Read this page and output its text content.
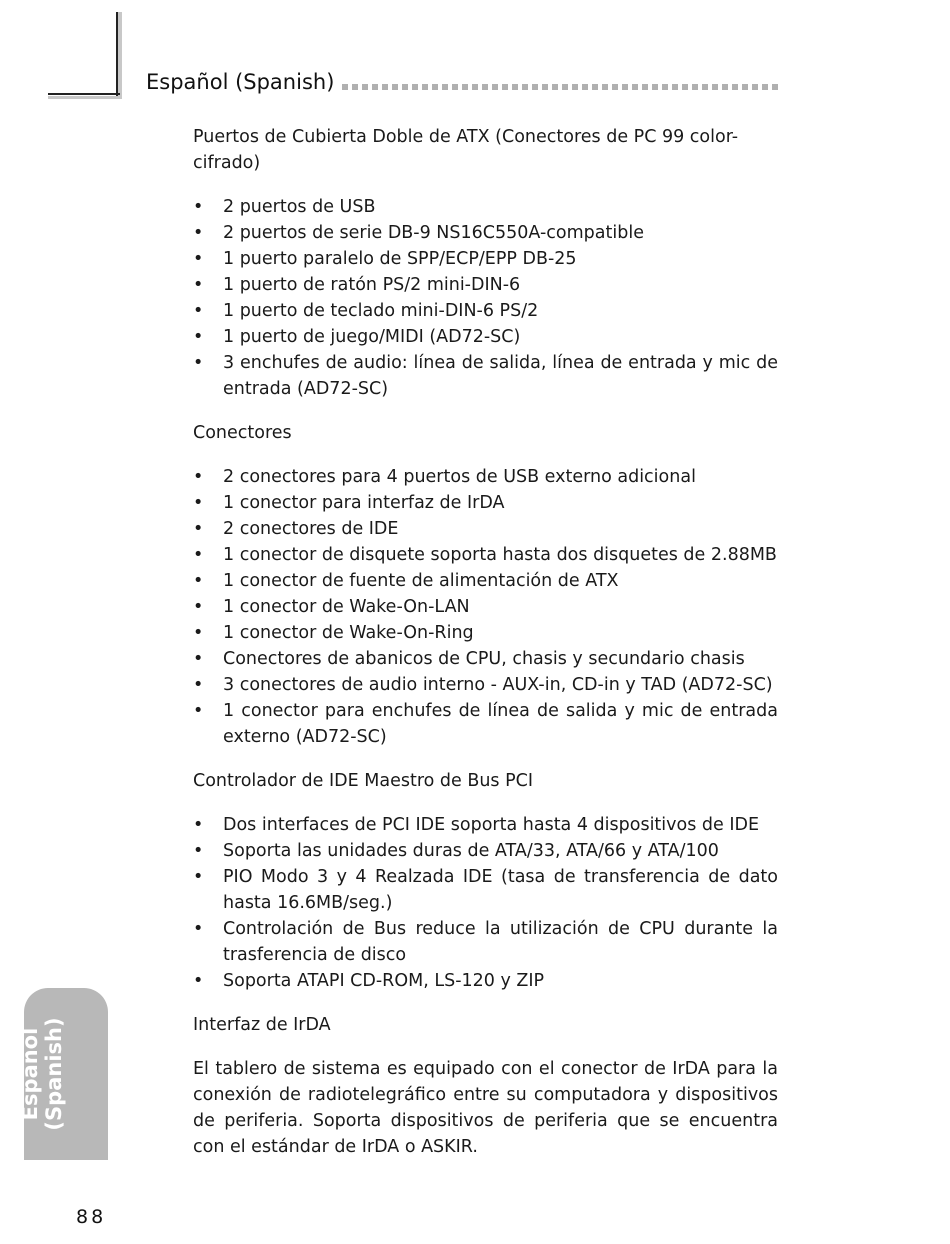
Español (Spanish)
Puertos de Cubierta Doble de ATX (Conectores de PC 99 color-cifrado)
• 2 puertos de USB
• 2 puertos de serie DB-9 NS16C550A-compatible
• 1 puerto paralelo de SPP/ECP/EPP DB-25
• 1 puerto de ratón PS/2 mini-DIN-6
• 1 puerto de teclado mini-DIN-6 PS/2
• 1 puerto de juego/MIDI (AD72-SC)
• 3 enchufes de audio: línea de salida, línea de entrada y mic de entrada (AD72-SC)
Conectores
• 2 conectores para 4 puertos de USB externo adicional
• 1 conector para interfaz de IrDA
• 2 conectores de IDE
• 1 conector de disquete soporta hasta dos disquetes de 2.88MB
• 1 conector de fuente de alimentación de ATX
• 1 conector de Wake-On-LAN
• 1 conector de Wake-On-Ring
• Conectores de abanicos de CPU, chasis y secundario chasis
• 3 conectores de audio interno - AUX-in, CD-in y TAD (AD72-SC)
• 1 conector para enchufes de línea de salida y mic de entrada externo (AD72-SC)
Controlador de IDE Maestro de Bus PCI
• Dos interfaces de PCI IDE soporta hasta 4 dispositivos de IDE
• Soporta las unidades duras de ATA/33, ATA/66 y ATA/100
• PIO Modo 3 y 4 Realzada IDE (tasa de transferencia de dato hasta 16.6MB/seg.)
• Controlación de Bus reduce la utilización de CPU durante la trasferencia de disco
• Soporta ATAPI CD-ROM, LS-120 y ZIP
Interfaz de IrDA

El tablero de sistema es equipado con el conector de IrDA para la conexión de radiotelegráfico entre su computadora y dispositivos de periferia. Soporta dispositivos de periferia que se encuentra con el estándar de IrDA o ASKIR.

Español (Spanish)
88
